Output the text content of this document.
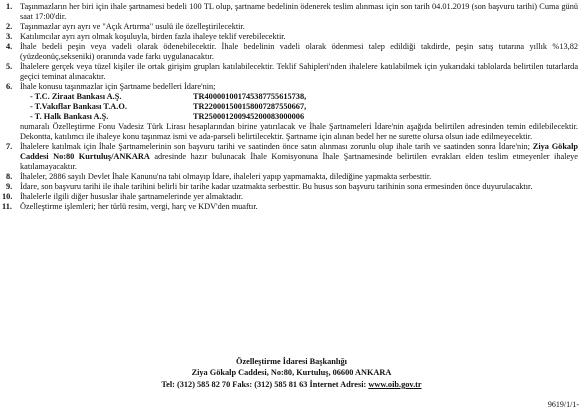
1. Taşınmazların her biri için ihale şartnamesi bedeli 100 TL olup, şartname bedelinin ödenerek teslim alınması için son tarih 04.01.2019 (son başvuru tarihi) Cuma günü saat 17:00'dir.
2. Taşınmazlar ayrı ayrı ve "Açık Artırma" usulü ile özelleştirilecektir.
3. Katılımcılar ayrı ayrı olmak koşuluyla, birden fazla ihaleye teklif verebilecektir.
4. İhale bedeli peşin veya vadeli olarak ödenebilecektir. İhale bedelinin vadeli olarak ödenmesi talep edildiği takdirde, peşin satış tutarına yıllık %13,82 (yüzdeonüç,sekseniki) oranında vade farkı uygulanacaktır.
5. İhalelere gerçek veya tüzel kişiler ile ortak girişim grupları katılabilecektir. Teklif Sahipleri'nden ihalelere katılabilmek için yukarıdaki tablolarda belirtilen tutarlarda geçici teminat alınacaktır.
6. İhale konusu taşınmazlar için Şartname bedelleri İdare'nin;
- T.C. Ziraat Bankası A.Ş.	TR400001001745387755615738,
- T.Vakıflar Bankası T.A.O.	TR220001500158007287550667,
- T. Halk Bankası A.Ş.	TR250001200945200083000006
numaralı Özelleştirme Fonu Vadesiz Türk Lirası hesaplarından birine yatırılacak ve İhale Şartnameleri İdare'nin aşağıda belirtilen adresinden temin edilebilecektir. Dekontta, katılımcı ile ihaleye konu taşınmaz ismi ve ada-parseli belirtilecektir. Şartname için alınan bedel her ne surette olursa olsun iade edilmeyecektir.
7. İhalelere katılmak için İhale Şartnamelerinin son başvuru tarihi ve saatinden önce satın alınması zorunlu olup ihale tarih ve saatinden sonra İdare'nin; Ziya Gökalp Caddesi No:80 Kurtuluş/ANKARA adresinde hazır bulunacak İhale Komisyonuna İhale Şartnamesinde belirtilen evrakları elden teslim etmeyenler ihaleye katılamayacaktır.
8. İhaleler, 2886 sayılı Devlet İhale Kanunu'na tabi olmayıp İdare, ihaleleri yapıp yapmamakta, dilediğine yapmakta serbesttir.
9. İdare, son başvuru tarihi ile ihale tarihini belirli bir tarihe kadar uzatmakta serbesttir. Bu husus son başvuru tarihinin sona ermesinden önce duyurulacaktır.
10. İhalelerle ilgili diğer hususlar ihale şartnamelerinde yer almaktadır.
11. Özelleştirme işlemleri; her türlü resim, vergi, harç ve KDV'den muaftır.
Özelleştirme İdaresi Başkanlığı
Ziya Gökalp Caddesi, No:80, Kurtuluş, 06600 ANKARA
Tel: (312) 585 82 70 Faks: (312) 585 81 63 İnternet Adresi: www.oib.gov.tr
9619/1/1-
